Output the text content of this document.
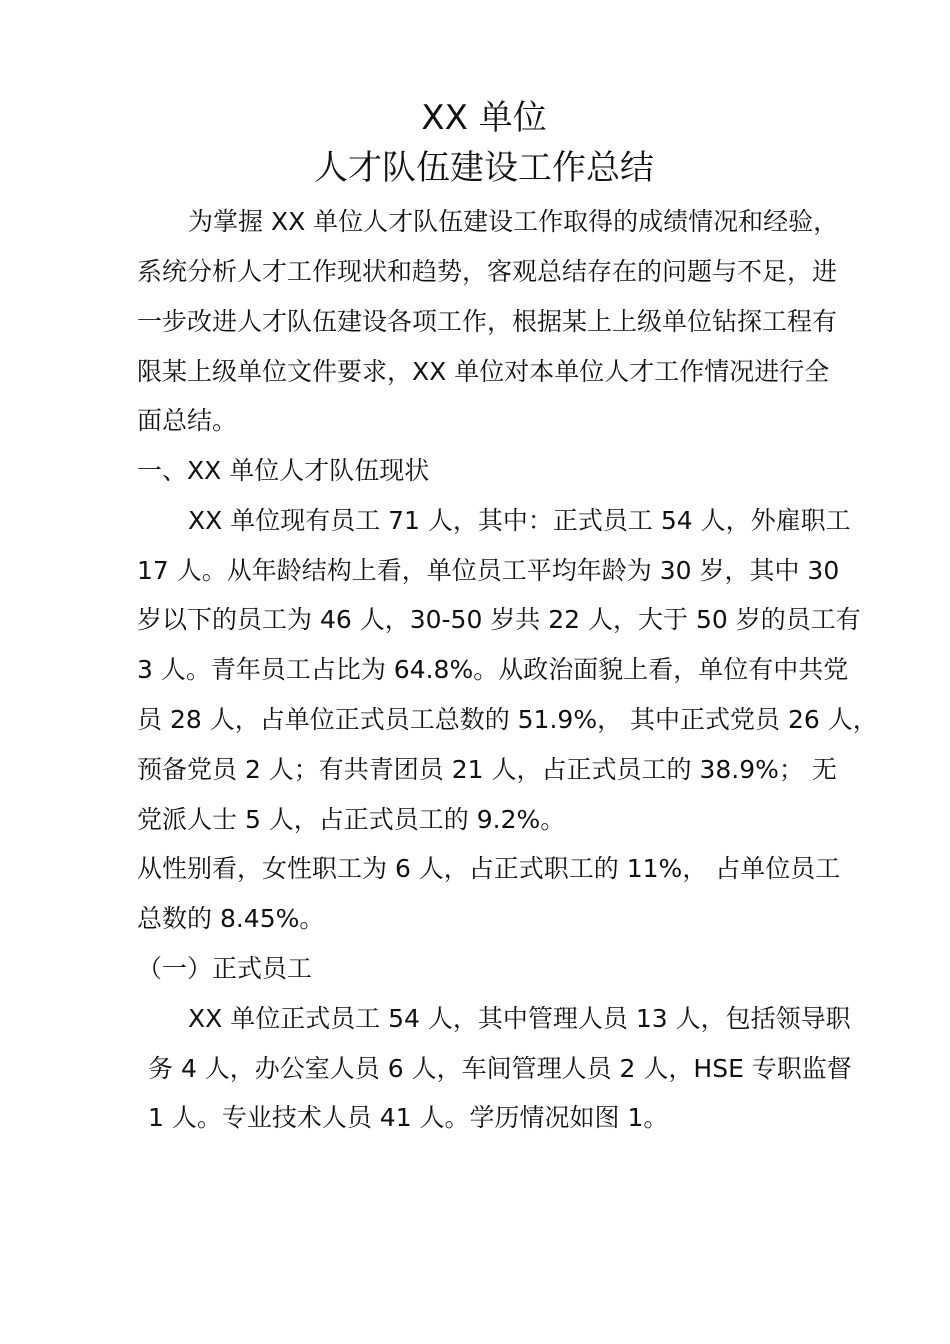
XX 单位
人才队伍建设工作总结
为掌握 XX 单位人才队伍建设工作取得的成绩情况和经验，
系统分析人才工作现状和趋势，客观总结存在的问题与不足，进
一步改进人才队伍建设各项工作，根据某上上级单位钻探工程有
限某上级单位文件要求，XX 单位对本单位人才工作情况进行全
面总结。
一、XX 单位人才队伍现状
XX 单位现有员工 71 人，其中：正式员工 54 人，外雇职工
17 人。从年龄结构上看，单位员工平均年龄为 30 岁，其中 30
岁以下的员工为 46 人，30-50 岁共 22 人，大于 50 岁的员工有
3 人。青年员工占比为 64.8%。从政治面貌上看，单位有中共党
员 28 人，占单位正式员工总数的 51.9%， 其中正式党员 26 人，
预备党员 2 人；有共青团员 21 人，占正式员工的 38.9%； 无
党派人士 5 人，占正式员工的 9.2%。
从性别看，女性职工为 6 人，占正式职工的 11%， 占单位员工
总数的 8.45%。
（一）正式员工
XX 单位正式员工 54 人，其中管理人员 13 人，包括领导职
务 4 人，办公室人员 6 人，车间管理人员 2 人，HSE 专职监督
1 人。专业技术人员 41 人。学历情况如图 1。
